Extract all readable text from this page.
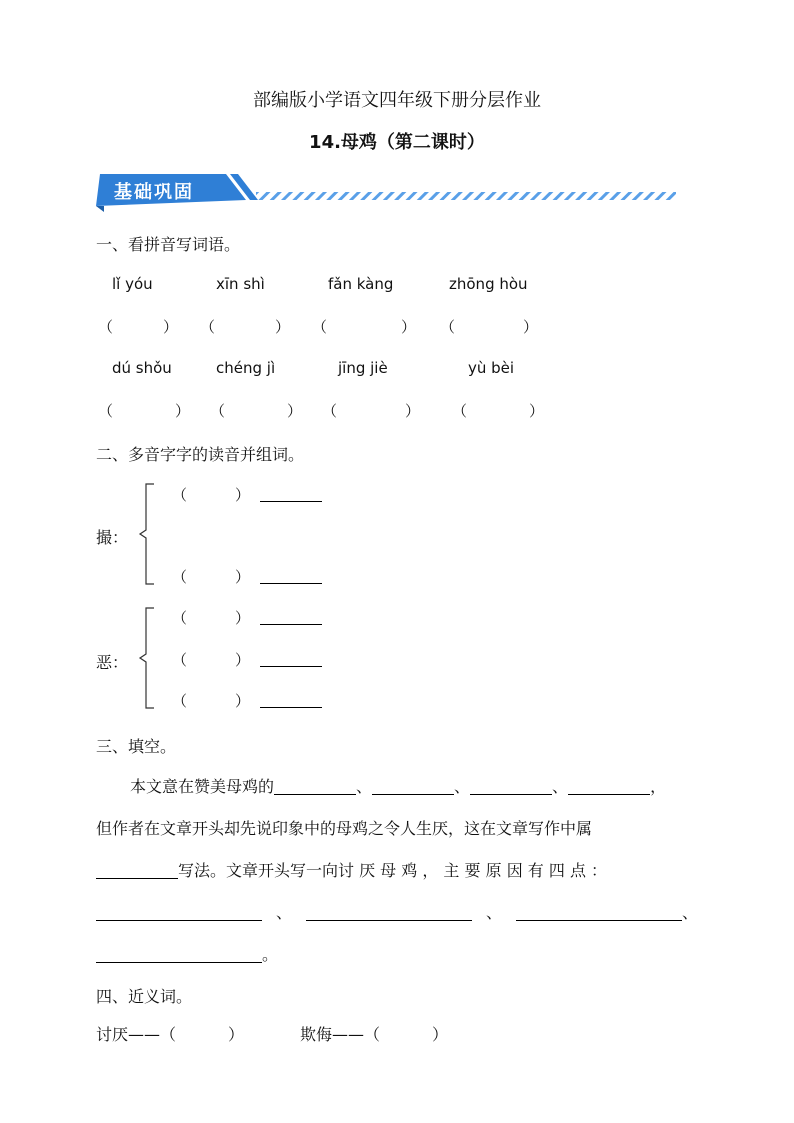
部编版小学语文四年级下册分层作业
14.母鸡（第二课时）
基础巩固
一、看拼音写词语。
lǐ yóu	xīn shì	fǎn kàng	zhōng hòu
（	） （	） （	） （	）
dú shǒu	chéng jì	jīng jiè	yù bèi
（	） （	） （	） （	）
二、多音字字的读音并组词。
撮：
（	）
（	）
恶：
（	）
（	）
（	）
三、填空。
本文意在赞美母鸡的	、	、	、	，
但作者在文章开头却先说印象中的母鸡之令人生厌，这在文章写作中属
写法。文章开头写一向讨 厌 母 鸡 ， 主 要 原 因 有 四 点 ：
、	、	、
。
四、近义词。
讨厌——（	）	欺侮——（	）
